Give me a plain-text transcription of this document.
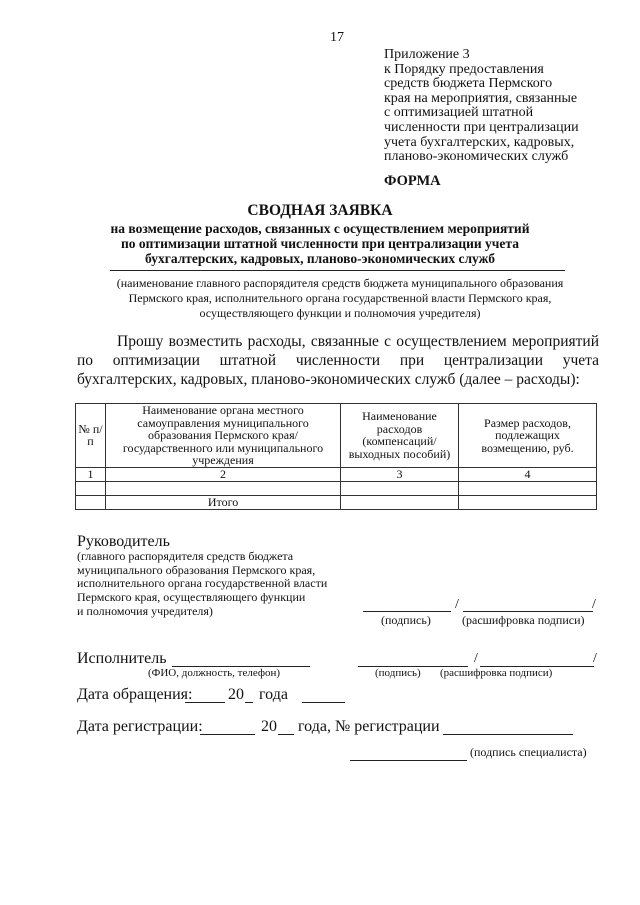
17
Приложение 3
к Порядку предоставления
средств бюджета Пермского
края на мероприятия, связанные
с оптимизацией штатной
численности при централизации
учета бухгалтерских, кадровых,
планово-экономических служб
ФОРМА
СВОДНАЯ ЗАЯВКА
на возмещение расходов, связанных с осуществлением мероприятий
по оптимизации штатной численности при централизации учета
бухгалтерских, кадровых, планово-экономических служб
(наименование главного распорядителя средств бюджета муниципального образования
Пермского края, исполнительного органа государственной власти Пермского края,
осуществляющего функции и полномочия учредителя)
Прошу возместить расходы, связанные с осуществлением мероприятий по оптимизации штатной численности при централизации учета бухгалтерских, кадровых, планово-экономических служб (далее – расходы):
№ п/п	Наименование органа местного самоуправления муниципального образования Пермского края/ государственного или муниципального учреждения	Наименование расходов (компенсаций/ выходных пособий)	Размер расходов, подлежащих возмещению, руб.
1	2	3	4

	Итого		
Руководитель
(главного распорядителя средств бюджета
муниципального образования Пермского края,
исполнительного органа государственной власти
Пермского края, осуществляющего функции
и полномочия учредителя)	/	/
(подпись)	(расшифровка подписи)
Исполнитель
(ФИО, должность, телефон)
/	/
(подпись) (расшифровка подписи)
Дата обращения: 20 года
Дата регистрации:	20 года, № регистрации
(подпись специалиста)
